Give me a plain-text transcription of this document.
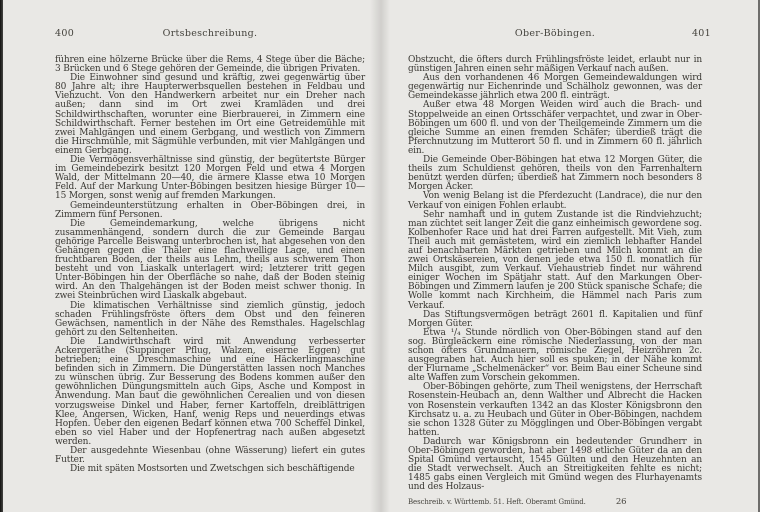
400	Ortsbeschreibung.

führen eine hölzerne Brücke über die Rems, 4 Stege über die Bäche; 3 Brücken und 6 Stege gehören der Gemeinde, die übrigen Privaten.

Die Einwohner sind gesund und kräftig, zwei gegenwärtig über 80 Jahre alt; ihre Haupterwerbsquellen bestehen in Feldbau und Viehzucht. Von den Handwerkern arbeitet nur ein Dreher nach außen; dann sind im Ort zwei Kramläden und drei Schildwirthschaften, worunter eine Bierbrauerei, in Zimmern eine Schildwirthschaft. Ferner bestehen im Ort eine Getreidemühle mit zwei Mahlgängen und einem Gerbgang, und westlich von Zimmern die Hirschmühle, mit Sägmühle verbunden, mit vier Mahlgängen und einem Gerbgang.

Die Vermögensverhältnisse sind günstig, der begütertste Bürger im Gemeindebezirk besitzt 120 Morgen Feld und etwa 4 Morgen Wald, der Mittelmann 20—40, die ärmere Klasse etwa 10 Morgen Feld. Auf der Markung Unter-Böbingen besitzen hiesige Bürger 10—15 Morgen, sonst wenig auf fremden Markungen.

Gemeindeunterstützung erhalten in Ober-Böbingen drei, in Zimmern fünf Personen.

Die Gemeindemarkung, welche übrigens nicht zusammenhängend, sondern durch die zur Gemeinde Bargau gehörige Parcelle Beiswang unterbrochen ist, hat abgesehen von den Gehängen gegen die Thäler eine flachwellige Lage, und einen fruchtbaren Boden, der theils aus Lehm, theils aus schwerem Thon besteht und von Liaskalk unterlagert wird; letzterer tritt gegen Unter-Böbingen hin der Oberfläche so nahe, daß der Boden steinig wird. An den Thalgehängen ist der Boden meist schwer thonig. In zwei Steinbrüchen wird Liaskalk abgebaut.

Die klimatischen Verhältnisse sind ziemlich günstig, jedoch schaden Frühlingsfröste öfters dem Obst und den feineren Gewächsen, namentlich in der Nähe des Remsthales. Hagelschlag gehört zu den Seltenheiten.

Die Landwirthschaft wird mit Anwendung verbesserter Ackergeräthe (Suppinger Pflug, Walzen, eiserne Eggen) gut betrieben; eine Dreschmaschine und eine Häckerlingmaschine befinden sich in Zimmern. Die Düngerstätten lassen noch Manches zu wünschen übrig. Zur Besserung des Bodens kommen außer den gewöhnlichen Düngungsmitteln auch Gips, Asche und Kompost in Anwendung. Man baut die gewöhnlichen Cerealien und von diesen vorzugsweise Dinkel und Haber, ferner Kartoffeln, dreiblättrigen Klee, Angersen, Wicken, Hanf, wenig Reps und neuerdings etwas Hopfen. Ueber den eigenen Bedarf können etwa 700 Scheffel Dinkel, eben so viel Haber und der Hopfenertrag nach außen abgesetzt werden.

Der ausgedehnte Wiesenbau (ohne Wässerung) liefert ein gutes Futter.

Die mit späten Mostsorten und Zwetschgen sich beschäftigende

Ober-Böbingen.	401

Obstzucht, die öfters durch Frühlingsfröste leidet, erlaubt nur in günstigen Jahren einen sehr mäßigen Verkauf nach außen.

Aus den vorhandenen 46 Morgen Gemeindewaldungen wird gegenwärtig nur Eichenrinde und Schälholz gewonnen, was der Gemeindekasse jährlich etwa 200 fl. einträgt.

Außer etwa 48 Morgen Weiden wird auch die Brach- und Stoppelweide an einen Ortsschäfer verpachtet, und zwar in Ober-Böbingen um 600 fl. und von der Theilgemeinde Zimmern um die gleiche Summe an einen fremden Schäfer; überdieß trägt die Pferchnutzung im Mutterort 50 fl. und in Zimmern 60 fl. jährlich ein.

Die Gemeinde Ober-Böbingen hat etwa 12 Morgen Güter, die theils zum Schuldienst gehören, theils von den Farrenhaltern benützt werden dürfen; überdieß hat Zimmern noch besonders 8 Morgen Äcker.

Von wenig Belang ist die Pferdezucht (Landrace), die nur den Verkauf von einigen Fohlen erlaubt.

Sehr namhaft und in gutem Zustande ist die Rindviehzucht; man züchtet seit langer Zeit die ganz einheimisch gewordene sog. Kolbenhofer Race und hat drei Farren aufgestellt. Mit Vieh, zum Theil auch mit gemästetem, wird ein ziemlich lebhafter Handel auf benachbarten Märkten getrieben und Milch kommt an die zwei Ortskäsereien, von denen jede etwa 150 fl. monatlich für Milch ausgibt, zum Verkauf. Viehaustrieb findet nur während einiger Wochen im Spätjahr statt. Auf den Markungen Ober-Böbingen und Zimmern laufen je 200 Stück spanische Schafe; die Wolle kommt nach Kirchheim, die Hämmel nach Paris zum Verkauf.

Das Stiftungsvermögen beträgt 2601 fl. Kapitalien und fünf Morgen Güter.

Etwa ¹/₄ Stunde nördlich von Ober-Böbingen stand auf den sog. Bürgleäckern eine römische Niederlassung, von der man schon öfters Grundmauern, römische Ziegel, Heizröhren 2c. ausgegraben hat. Auch hier soll es spuken; in der Nähe kommt der Flurname „Schelmenäcker“ vor. Beim Bau einer Scheune sind alte Waffen zum Vorschein gekommen.

Ober-Böbingen gehörte, zum Theil wenigstens, der Herrschaft Rosenstein-Heubach an, denn Walther und Albrecht die Hacken von Rosenstein verkauften 1342 an das Kloster Königsbronn den Kirchsatz u. a. zu Heubach und Güter in Ober-Böbingen, nachdem sie schon 1328 Güter zu Mögglingen und Ober-Böbingen vergabt hatten.

Dadurch war Königsbronn ein bedeutender Grundherr in Ober-Böbingen geworden, hat aber 1498 etliche Güter da an den Spital Gmünd vertauscht, 1545 Gülten und den Heuzehnten an die Stadt verwechselt. Auch an Streitigkeiten fehlte es nicht; 1485 gabs einen Vergleich mit Gmünd wegen des Flurhayenamts und des Holzaus-

Beschreib. v. Württemb. 51. Heft. Oberamt Gmünd.	26
